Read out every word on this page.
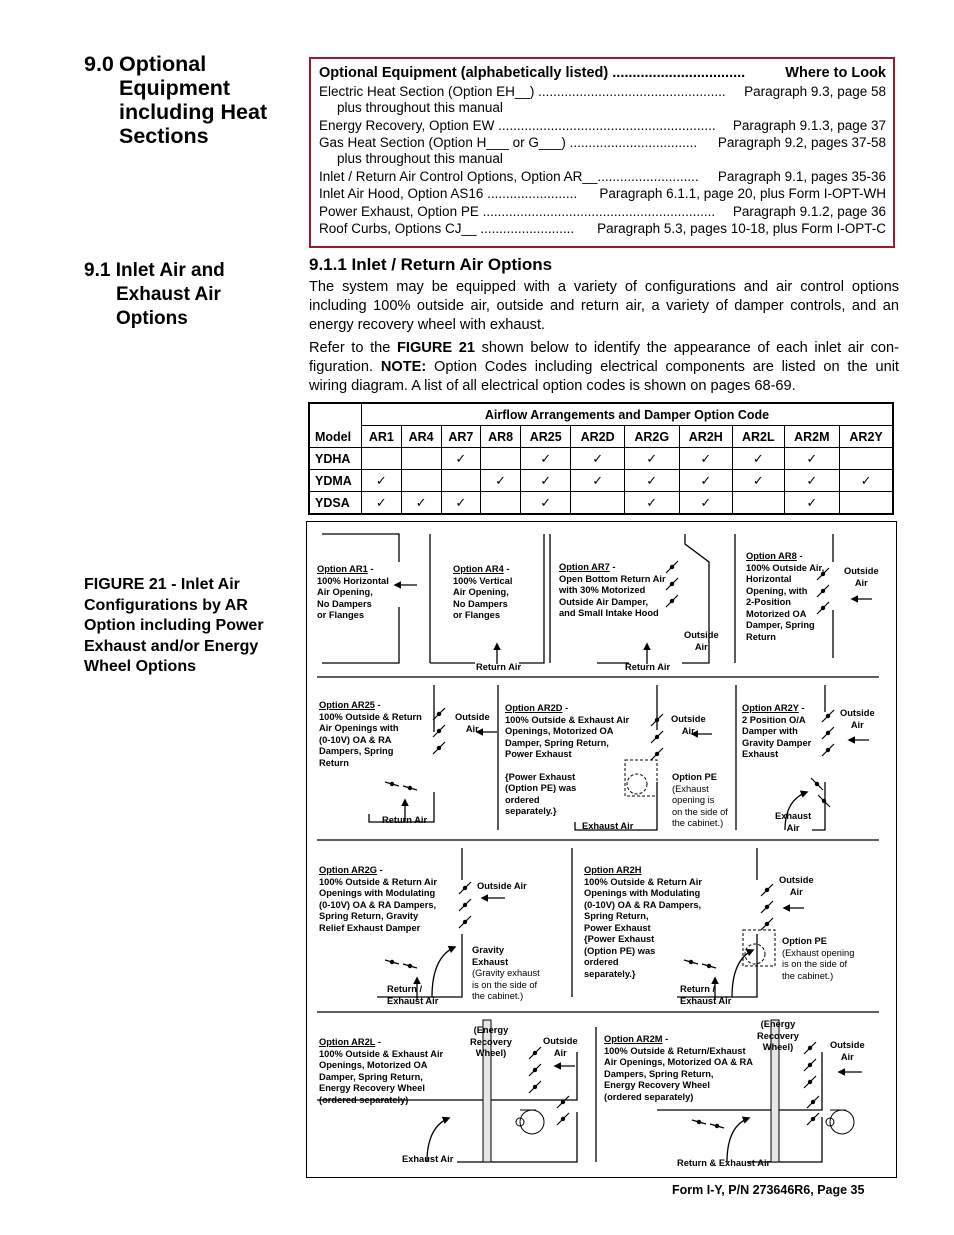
9.0 Optional
Equipment
including Heat
Sections
9.1 Inlet Air and
Exhaust Air
Options
FIGURE 21 - Inlet Air
Configurations by AR
Option including Power
Exhaust and/or Energy
Wheel Options
Optional Equipment (alphabetically listed) .................................	Where to Look
Electric Heat Section (Option EH__) ..................................................	Paragraph 9.3, page 58
plus throughout this manual
Energy Recovery, Option EW ..........................................................	Paragraph 9.1.3, page 37
Gas Heat Section (Option H___ or G___) ..................................	Paragraph 9.2, pages 37-58
plus throughout this manual
Inlet / Return Air Control Options, Option AR__...........................	Paragraph 9.1, pages 35-36
Inlet Air Hood, Option AS16 ........................	Paragraph 6.1.1, page 20, plus Form I-OPT-WH
Power Exhaust, Option PE ..............................................................	Paragraph 9.1.2, page 36
Roof Curbs, Options CJ__ .........................	Paragraph 5.3, pages 10-18, plus Form I-OPT-C
9.1.1 Inlet / Return Air Options
The system may be equipped with a variety of configurations and air control options including 100% outside air, outside and return air, a variety of damper controls, and an energy recovery wheel with exhaust.
Refer to the FIGURE 21 shown below to identify the appearance of each inlet air con-figuration. NOTE: Option Codes including electrical components are listed on the unit wiring diagram. A list of all electrical option codes is shown on pages 68-69.
Model	Airflow Arrangements and Damper Option Code										
	AR1	AR4	AR7	AR8	AR25	AR2D	AR2G	AR2H	AR2L	AR2M	AR2Y
YDHA			✓		✓	✓	✓	✓	✓	✓	
YDMA	✓			✓	✓	✓	✓	✓	✓	✓	✓
YDSA	✓	✓	✓		✓		✓	✓		✓	
Option AR1 -
100% Horizontal
Air Opening,
No Dampers
or Flanges
Option AR4 -
100% Vertical
Air Opening,
No Dampers
or Flanges
Return Air
Option AR7 -
Open Bottom Return Air
with 30% Motorized
Outside Air Damper,
and Small Intake Hood
Outside
Air
Return Air
Option AR8 -
100% Outside Air,
Horizontal
Opening, with
2-Position
Motorized OA
Damper, Spring
Return
Outside
Air
Option AR25 -
100% Outside & Return
Air Openings with
(0-10V) OA & RA
Dampers, Spring
Return
Outside
Air
Return Air
Option AR2D -
100% Outside & Exhaust Air
Openings, Motorized OA
Damper, Spring Return,
Power Exhaust
{Power Exhaust
(Option PE) was
ordered
separately.}
Outside
Air
Option PE
(Exhaust
opening is
on the side of
the cabinet.)
Exhaust Air
Option AR2Y -
2 Position O/A
Damper with
Gravity Damper
Exhaust
Outside
Air
Exhaust
Air
Option AR2G -
100% Outside & Return Air
Openings with Modulating
(0-10V) OA & RA Dampers,
Spring Return, Gravity
Relief Exhaust Damper
Outside Air
Gravity
Exhaust
(Gravity exhaust
is on the side of
the cabinet.)
Return /
Exhaust Air
Option AR2H
100% Outside & Return Air
Openings with Modulating
(0-10V) OA & RA Dampers,
Spring Return,
Power Exhaust
{Power Exhaust
(Option PE) was
ordered
separately.}
Outside
Air
Option PE
(Exhaust opening
is on the side of
the cabinet.)
Return /
Exhaust Air
Option AR2L -
100% Outside & Exhaust Air
Openings, Motorized OA
Damper, Spring Return,
Energy Recovery Wheel
(ordered separately)
(Energy
Recovery
Wheel)
Outside
Air
Exhaust Air
Option AR2M -
100% Outside & Return/Exhaust
Air Openings, Motorized OA & RA
Dampers, Spring Return,
Energy Recovery Wheel
(ordered separately)
(Energy
Recovery
Wheel)	Outside
Air
Return & Exhaust Air
Form I-Y, P/N 273646R6, Page 35
